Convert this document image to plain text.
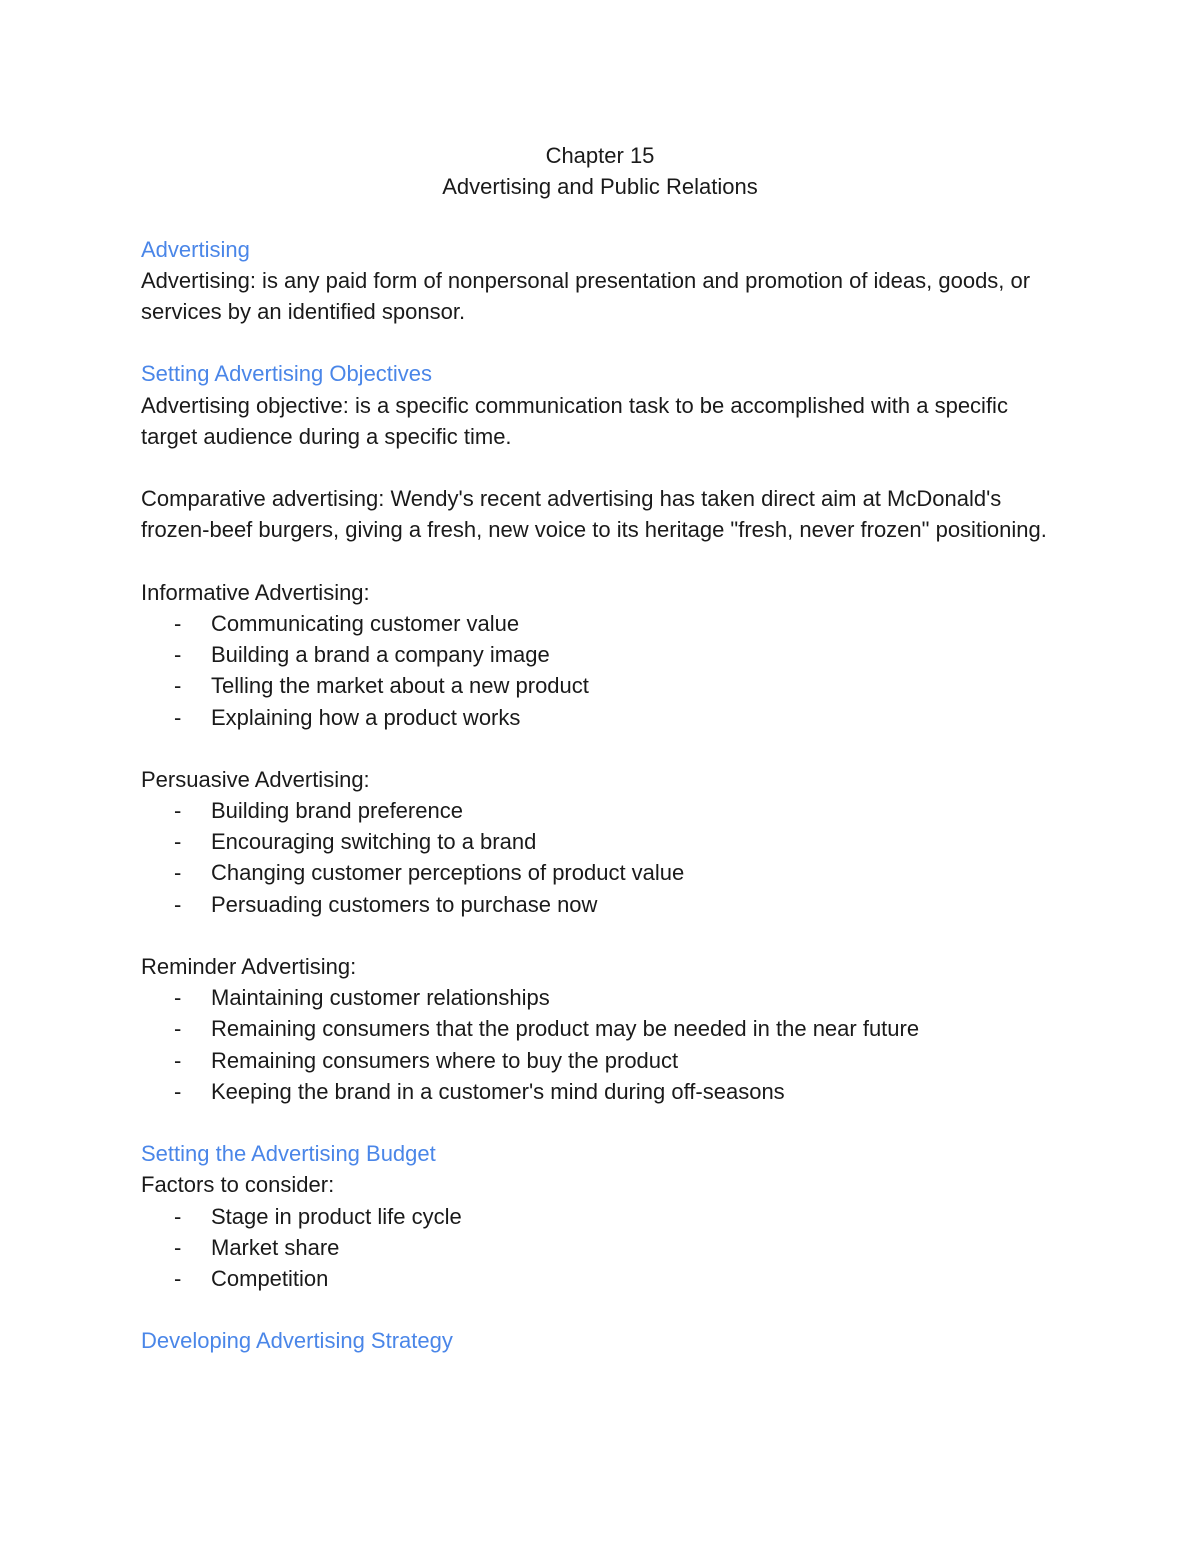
Chapter 15
Advertising and Public Relations
Advertising

Advertising: is any paid form of nonpersonal presentation and promotion of ideas, goods, or services by an identified sponsor.

Setting Advertising Objectives

Advertising objective: is a specific communication task to be accomplished with a specific target audience during a specific time.

Comparative advertising: Wendy's recent advertising has taken direct aim at McDonald's frozen-beef burgers, giving a fresh, new voice to its heritage "fresh, never frozen" positioning.

Informative Advertising:
- Communicating customer value
- Building a brand a company image
- Telling the market about a new product
- Explaining how a product works
Persuasive Advertising:
- Building brand preference
- Encouraging switching to a brand
- Changing customer perceptions of product value
- Persuading customers to purchase now
Reminder Advertising:
- Maintaining customer relationships
- Remaining consumers that the product may be needed in the near future
- Remaining consumers where to buy the product
- Keeping the brand in a customer's mind during off-seasons
Setting the Advertising Budget
Factors to consider:
- Stage in product life cycle
- Market share
- Competition
Developing Advertising Strategy
